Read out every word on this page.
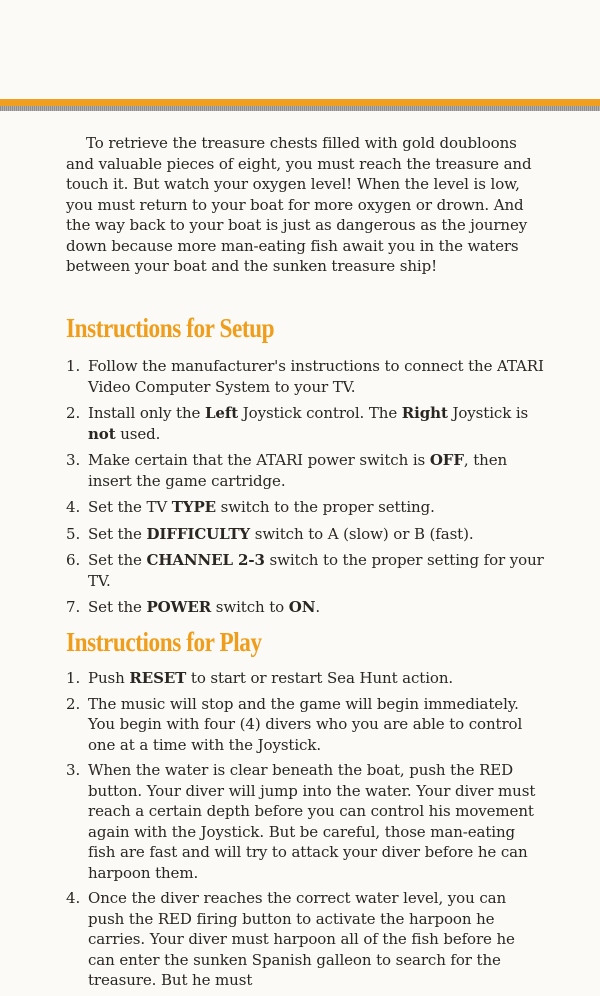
To retrieve the treasure chests filled with gold doubloons and valuable pieces of eight, you must reach the treasure and touch it. But watch your oxygen level! When the level is low, you must return to your boat for more oxygen or drown. And the way back to your boat is just as dangerous as the journey down because more man-eating fish await you in the waters between your boat and the sunken treasure ship!

Instructions for Setup
1. Follow the manufacturer's instructions to connect the ATARI Video Computer System to your TV.
2. Install only the Left Joystick control. The Right Joystick is not used.
3. Make certain that the ATARI power switch is OFF, then insert the game cartridge.
4. Set the TV TYPE switch to the proper setting.
5. Set the DIFFICULTY switch to A (slow) or B (fast).
6. Set the CHANNEL 2-3 switch to the proper setting for your TV.
7. Set the POWER switch to ON.
Instructions for Play
1. Push RESET to start or restart Sea Hunt action.
2. The music will stop and the game will begin immediately. You begin with four (4) divers who you are able to control one at a time with the Joystick.
3. When the water is clear beneath the boat, push the RED button. Your diver will jump into the water. Your diver must reach a certain depth before you can control his movement again with the Joystick. But be careful, those man-eating fish are fast and will try to attack your diver before he can harpoon them.
4. Once the diver reaches the correct water level, you can push the RED firing button to activate the harpoon he carries. Your diver must harpoon all of the fish before he can enter the sunken Spanish galleon to search for the treasure. But he must
